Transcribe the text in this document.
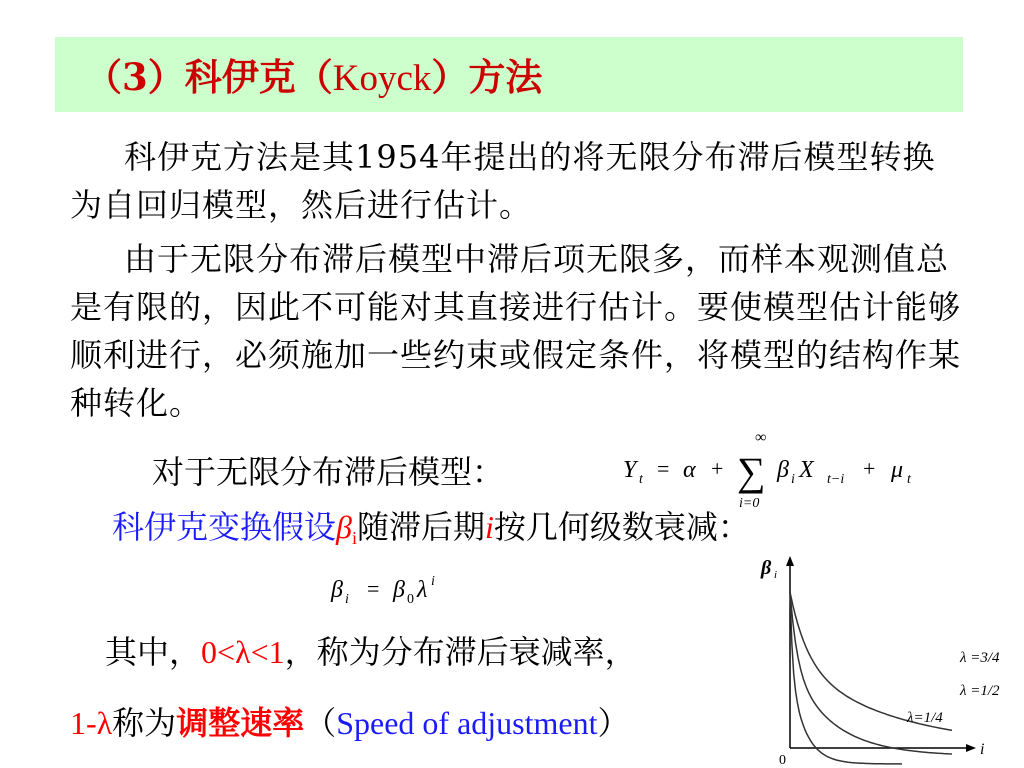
（3）科伊克（Koyck）方法
科伊克方法是其1954年提出的将无限分布滞后模型转换为自回归模型，然后进行估计。
由于无限分布滞后模型中滞后项无限多，而样本观测值总是有限的，因此不可能对其直接进行估计。要使模型估计能够顺利进行，必须施加一些约束或假定条件，将模型的结构作某种转化。
对于无限分布滞后模型：
∞
Y t = α + ∑
i=0
β i X t−i + μ t
科伊克变换假设$\beta_i$随滞后期i按几何级数衰减：
β i = β 0 λ i
其中，0<λ<1，称为分布滞后衰减率，
1-λ称为调整速率（Speed of adjustment）
β i
i
0
λ =3/4
λ =1/2
λ=1/4
